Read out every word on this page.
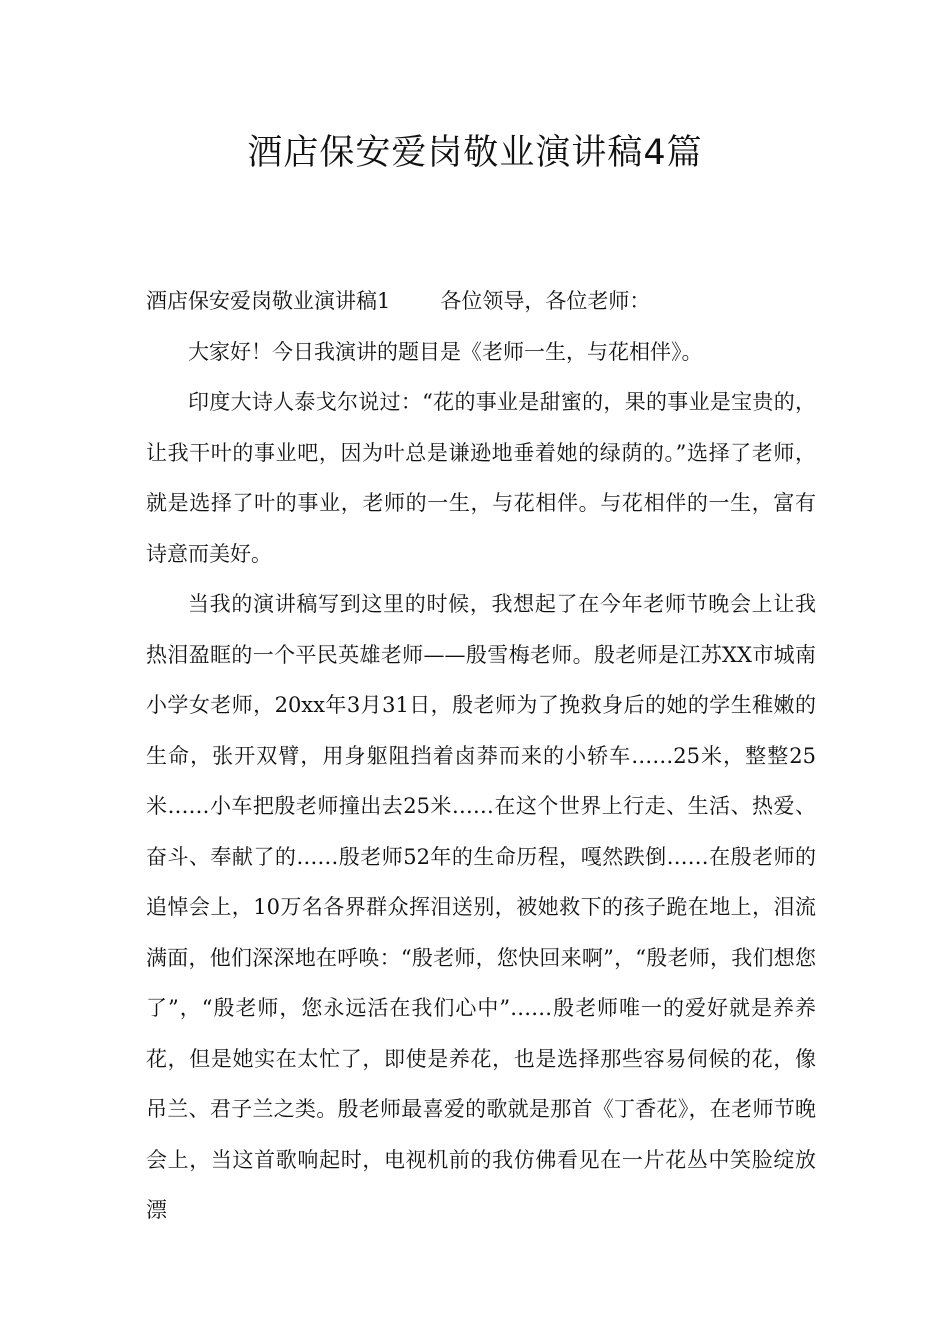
酒店保安爱岗敬业演讲稿4篇

酒店保安爱岗敬业演讲稿1 各位领导，各位老师：

大家好！今日我演讲的题目是《老师一生，与花相伴》。

印度大诗人泰戈尔说过：“花的事业是甜蜜的，果的事业是宝贵的，让我干叶的事业吧，因为叶总是谦逊地垂着她的绿荫的。”选择了老师，就是选择了叶的事业，老师的一生，与花相伴。与花相伴的一生，富有诗意而美好。

当我的演讲稿写到这里的时候，我想起了在今年老师节晚会上让我热泪盈眶的一个平民英雄老师——殷雪梅老师。殷老师是江苏XX市城南小学女老师，20xx年3月31日，殷老师为了挽救身后的她的学生稚嫩的生命，张开双臂，用身躯阻挡着卤莽而来的小轿车……25米，整整25米……小车把殷老师撞出去25米……在这个世界上行走、生活、热爱、奋斗、奉献了的……殷老师52年的生命历程，嘎然跌倒……在殷老师的追悼会上，10万名各界群众挥泪送别，被她救下的孩子跪在地上，泪流满面，他们深深地在呼唤：“殷老师，您快回来啊”，“殷老师，我们想您了”，“殷老师，您永远活在我们心中”……殷老师唯一的爱好就是养养花，但是她实在太忙了，即使是养花，也是选择那些容易伺候的花，像吊兰、君子兰之类。殷老师最喜爱的歌就是那首《丁香花》，在老师节晚会上，当这首歌响起时，电视机前的我仿佛看见在一片花丛中笑脸绽放漂
